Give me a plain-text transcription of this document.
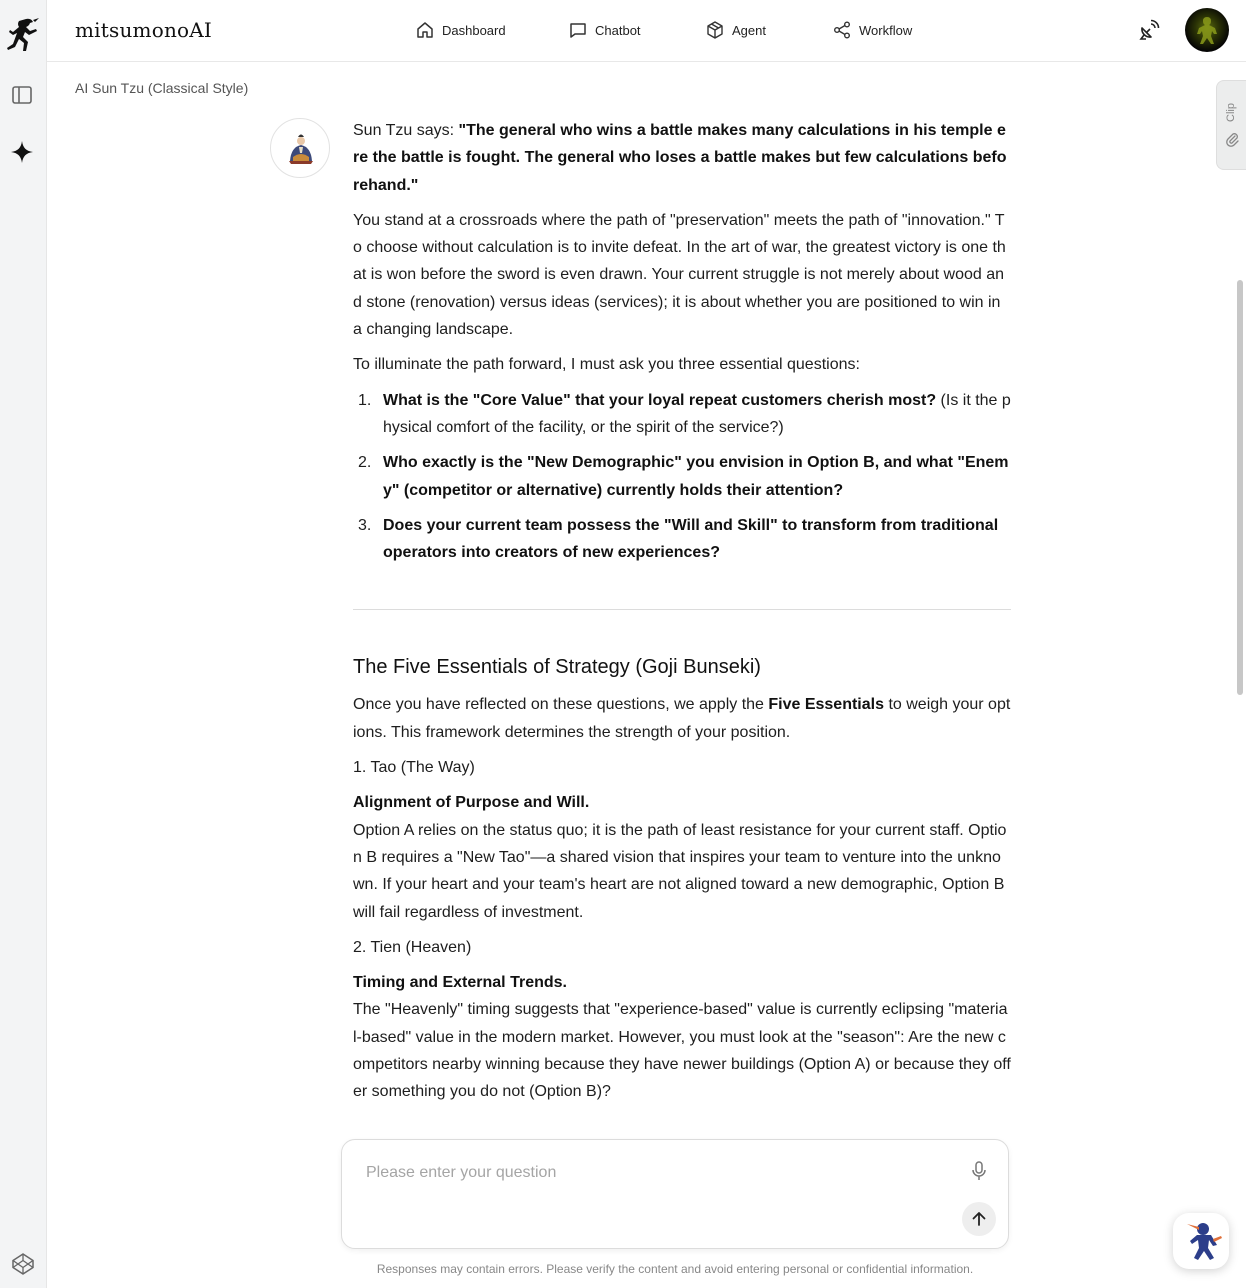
mitsumonoAI	Dashboard	Chatbot	Agent	Workflow
AI Sun Tzu (Classical Style)
Clip

Sun Tzu says: "The general who wins a battle makes many calculations in his temple ere the battle is fought. The general who loses a battle makes but few calculations beforehand."

You stand at a crossroads where the path of "preservation" meets the path of "innovation." To choose without calculation is to invite defeat. In the art of war, the greatest victory is one that is won before the sword is even drawn. Your current struggle is not merely about wood and stone (renovation) versus ideas (services); it is about whether you are positioned to win in a changing landscape.

To illuminate the path forward, I must ask you three essential questions:

1. What is the "Core Value" that your loyal repeat customers cherish most? (Is it the physical comfort of the facility, or the spirit of the service?)
2. Who exactly is the "New Demographic" you envision in Option B, and what "Enemy" (competitor or alternative) currently holds their attention?
3. Does your current team possess the "Will and Skill" to transform from traditional operators into creators of new experiences?
The Five Essentials of Strategy (Goji Bunseki)

Once you have reflected on these questions, we apply the Five Essentials to weigh your options. This framework determines the strength of your position.

1. Tao (The Way)

Alignment of Purpose and Will.
Option A relies on the status quo; it is the path of least resistance for your current staff. Option B requires a "New Tao"—a shared vision that inspires your team to venture into the unknown. If your heart and your team's heart are not aligned toward a new demographic, Option B will fail regardless of investment.

2. Tien (Heaven)

Timing and External Trends.
The "Heavenly" timing suggests that "experience-based" value is currently eclipsing "material-based" value in the modern market. However, you must look at the "season": Are the new competitors nearby winning because they have newer buildings (Option A) or because they offer something you do not (Option B)?

Please enter your question
Responses may contain errors. Please verify the content and avoid entering personal or confidential information.
